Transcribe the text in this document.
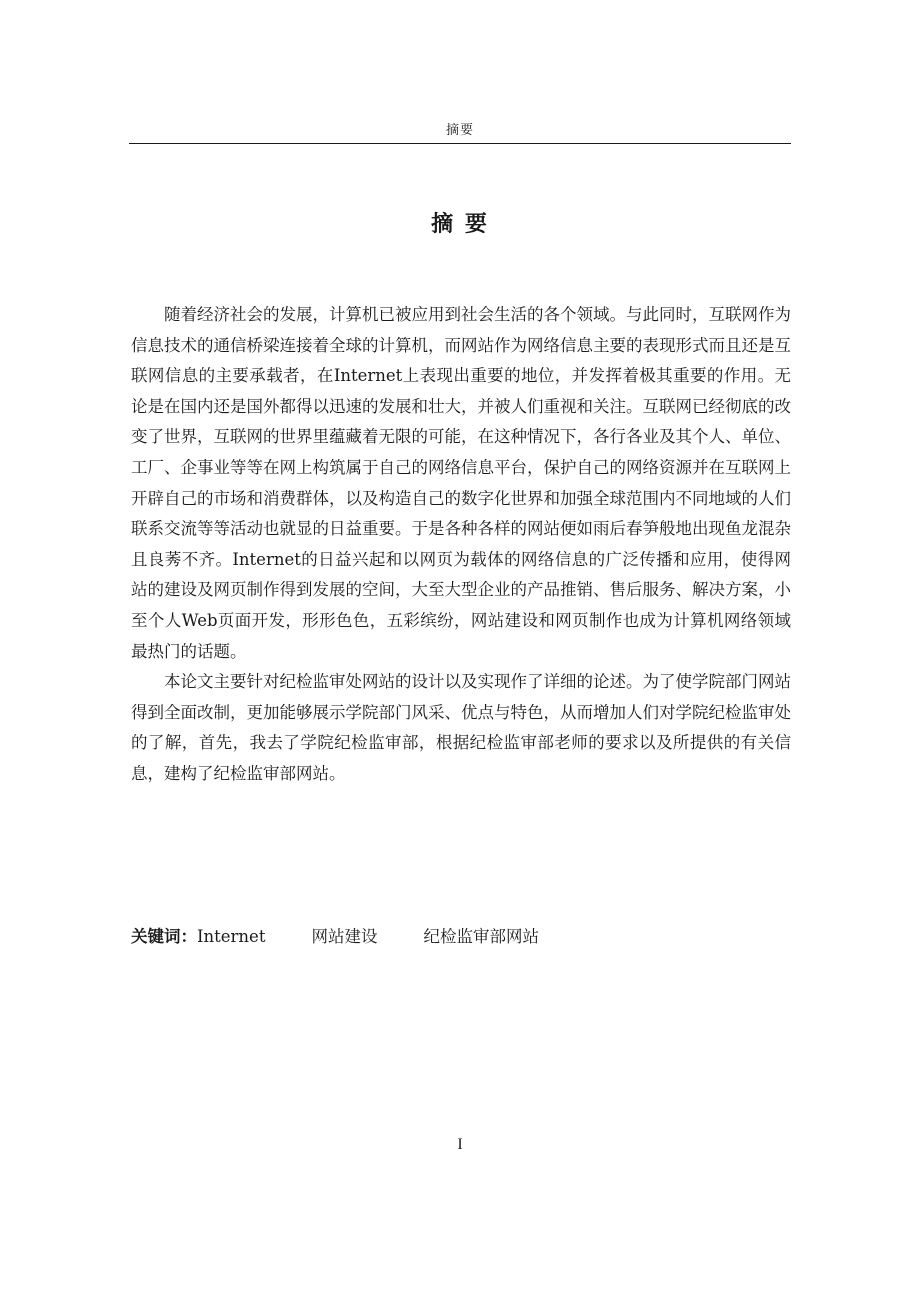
摘要
摘 要

随着经济社会的发展，计算机已被应用到社会生活的各个领域。与此同时，互联网作为信息技术的通信桥梁连接着全球的计算机，而网站作为网络信息主要的表现形式而且还是互联网信息的主要承载者，在Internet上表现出重要的地位，并发挥着极其重要的作用。无论是在国内还是国外都得以迅速的发展和壮大，并被人们重视和关注。互联网已经彻底的改变了世界，互联网的世界里蕴藏着无限的可能，在这种情况下，各行各业及其个人、单位、工厂、企事业等等在网上构筑属于自己的网络信息平台，保护自己的网络资源并在互联网上开辟自己的市场和消费群体，以及构造自己的数字化世界和加强全球范围内不同地域的人们联系交流等等活动也就显的日益重要。于是各种各样的网站便如雨后春笋般地出现鱼龙混杂且良莠不齐。Internet的日益兴起和以网页为载体的网络信息的广泛传播和应用，使得网站的建设及网页制作得到发展的空间，大至大型企业的产品推销、售后服务、解决方案，小至个人Web页面开发，形形色色，五彩缤纷，网站建设和网页制作也成为计算机网络领域最热门的话题。

本论文主要针对纪检监审处网站的设计以及实现作了详细的论述。为了使学院部门网站得到全面改制，更加能够展示学院部门风采、优点与特色，从而增加人们对学院纪检监审处的了解，首先，我去了学院纪检监审部，根据纪检监审部老师的要求以及所提供的有关信息，建构了纪检监审部网站。

关键词：Internet	网站建设	纪检监审部网站
I
